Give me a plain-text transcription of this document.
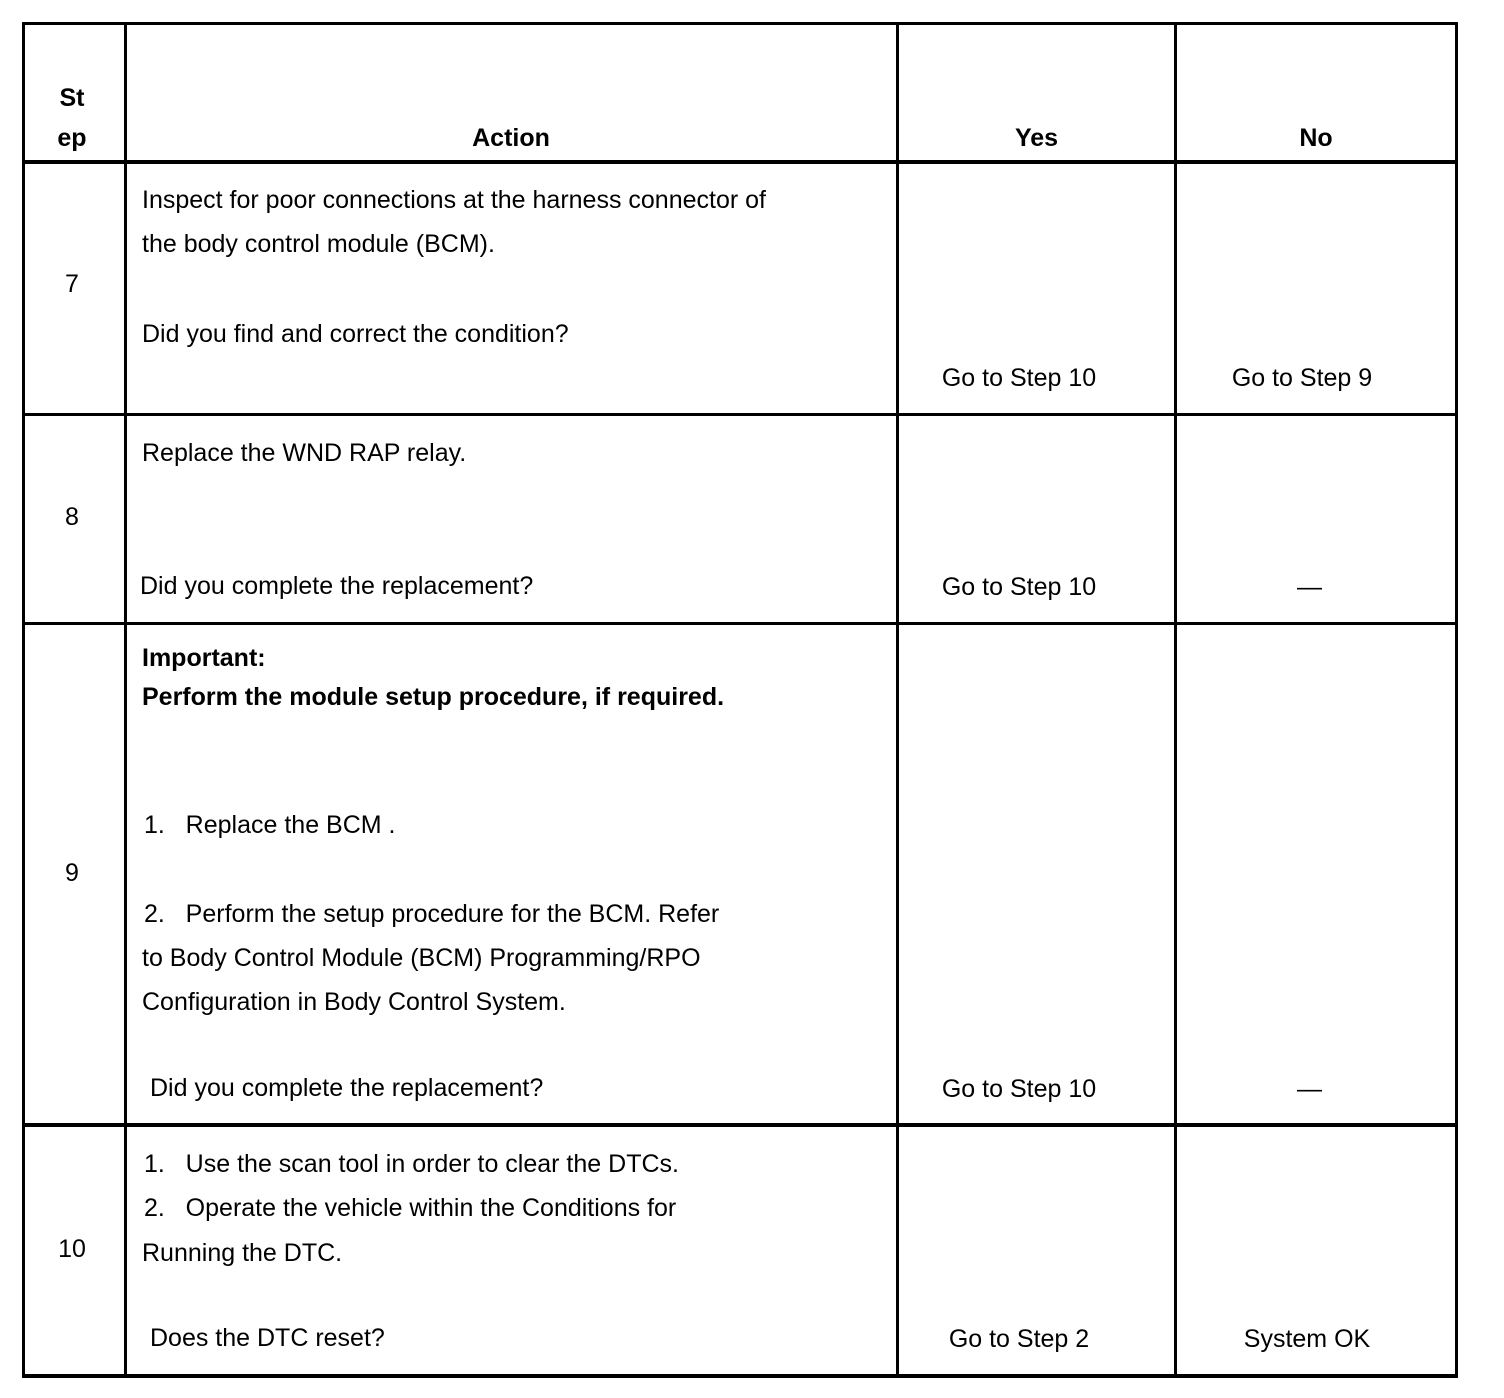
St
ep	Action	Yes	No
7
Inspect for poor connections at the harness connector of
the body control module (BCM).
Did you find and correct the condition?
Go to Step 10	Go to Step 9
8
Replace the WND RAP relay.
Did you complete the replacement?	Go to Step 10	—
9
Important:
Perform the module setup procedure, if required.
1.   Replace the BCM .
2.   Perform the setup procedure for the BCM. Refer
to Body Control Module (BCM) Programming/RPO
Configuration in Body Control System.
Did you complete the replacement?	Go to Step 10	—
10
1.   Use the scan tool in order to clear the DTCs.
2.   Operate the vehicle within the Conditions for
Running the DTC.
Does the DTC reset?	Go to Step 2	System OK
